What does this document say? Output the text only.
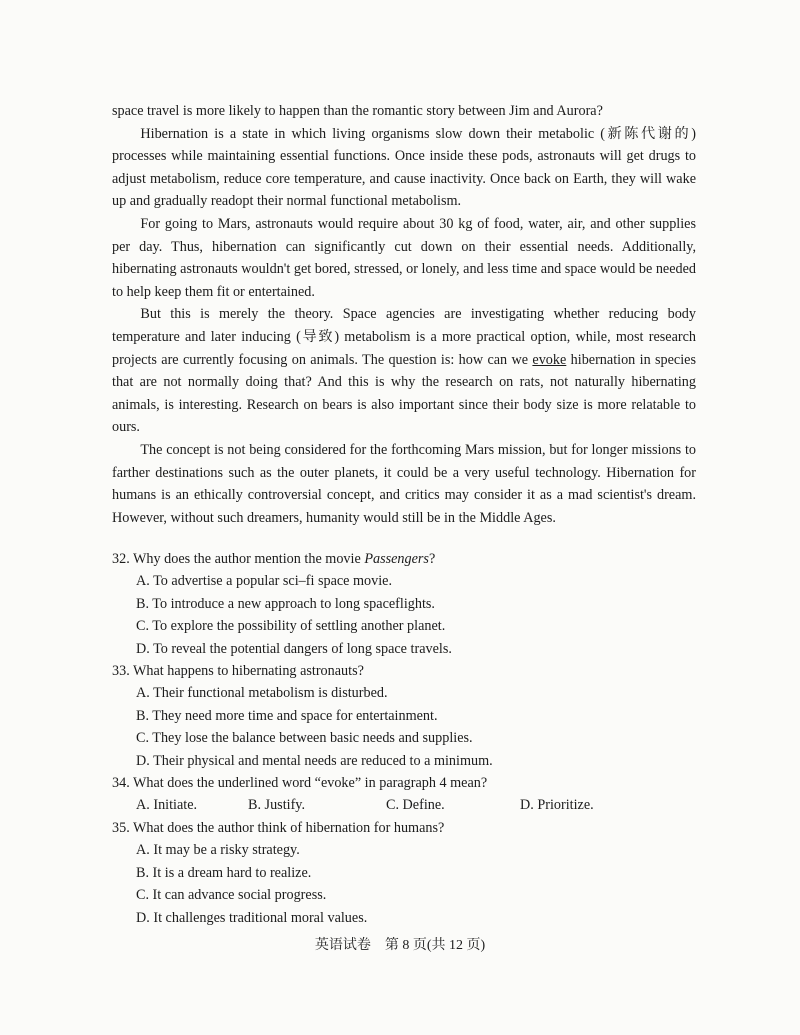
space travel is more likely to happen than the romantic story between Jim and Aurora?

Hibernation is a state in which living organisms slow down their metabolic (新陈代谢的) processes while maintaining essential functions. Once inside these pods, astronauts will get drugs to adjust metabolism, reduce core temperature, and cause inactivity. Once back on Earth, they will wake up and gradually readopt their normal functional metabolism.

For going to Mars, astronauts would require about 30 kg of food, water, air, and other supplies per day. Thus, hibernation can significantly cut down on their essential needs. Additionally, hibernating astronauts wouldn't get bored, stressed, or lonely, and less time and space would be needed to help keep them fit or entertained.

But this is merely the theory. Space agencies are investigating whether reducing body temperature and later inducing (导致) metabolism is a more practical option, while, most research projects are currently focusing on animals. The question is: how can we evoke hibernation in species that are not normally doing that? And this is why the research on rats, not naturally hibernating animals, is interesting. Research on bears is also important since their body size is more relatable to ours.

The concept is not being considered for the forthcoming Mars mission, but for longer missions to farther destinations such as the outer planets, it could be a very useful technology. Hibernation for humans is an ethically controversial concept, and critics may consider it as a mad scientist's dream. However, without such dreamers, humanity would still be in the Middle Ages.

32. Why does the author mention the movie Passengers?

A. To advertise a popular sci–fi space movie.

B. To introduce a new approach to long spaceflights.

C. To explore the possibility of settling another planet.

D. To reveal the potential dangers of long space travels.

33. What happens to hibernating astronauts?

A. Their functional metabolism is disturbed.

B. They need more time and space for entertainment.

C. They lose the balance between basic needs and supplies.

D. Their physical and mental needs are reduced to a minimum.

34. What does the underlined word “evoke” in paragraph 4 mean?

A. Initiate.	B. Justify.	C. Define.	D. Prioritize.

35. What does the author think of hibernation for humans?

A. It may be a risky strategy.

B. It is a dream hard to realize.

C. It can advance social progress.

D. It challenges traditional moral values.

英语试卷　第 8 页(共 12 页)
